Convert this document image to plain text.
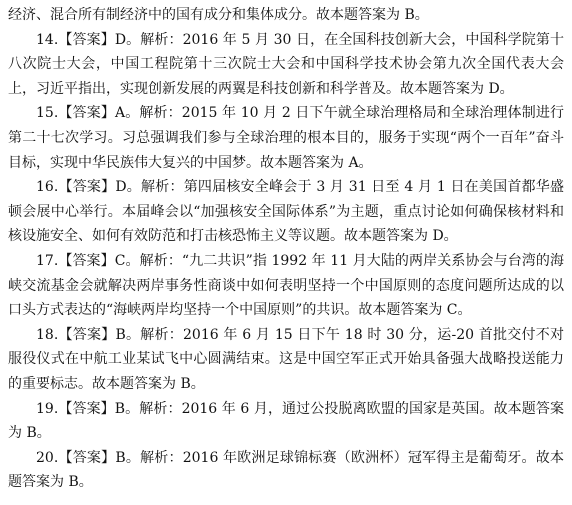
经济、混合所有制经济中的国有成分和集体成分。故本题答案为 B。

14.【答案】D。解析：2016 年 5 月 30 日，在全国科技创新大会，中国科学院第十八次院士大会，中国工程院第十三次院士大会和中国科学技术协会第九次全国代表大会上，习近平指出，实现创新发展的两翼是科技创新和科学普及。故本题答案为 D。

15.【答案】A。解析：2015 年 10 月 2 日下午就全球治理格局和全球治理体制进行第二十七次学习。习总强调我们参与全球治理的根本目的，服务于实现“两个一百年”奋斗目标，实现中华民族伟大复兴的中国梦。故本题答案为 A。

16.【答案】D。解析：第四届核安全峰会于 3 月 31 日至 4 月 1 日在美国首都华盛顿会展中心举行。本届峰会以“加强核安全国际体系”为主题，重点讨论如何确保核材料和核设施安全、如何有效防范和打击核恐怖主义等议题。故本题答案为 D。

17.【答案】C。解析：“九二共识”指 1992 年 11 月大陆的两岸关系协会与台湾的海峡交流基金会就解决两岸事务性商谈中如何表明坚持一个中国原则的态度问题所达成的以口头方式表达的“海峡两岸均坚持一个中国原则”的共识。故本题答案为 C。

18.【答案】B。解析：2016 年 6 月 15 日下午 18 时 30 分，运-20 首批交付不对服役仪式在中航工业某试飞中心圆满结束。这是中国空军正式开始具备强大战略投送能力的重要标志。故本题答案为 B。

19.【答案】B。解析：2016 年 6 月，通过公投脱离欧盟的国家是英国。故本题答案为 B。

20.【答案】B。解析：2016 年欧洲足球锦标赛（欧洲杯）冠军得主是葡萄牙。故本题答案为 B。
